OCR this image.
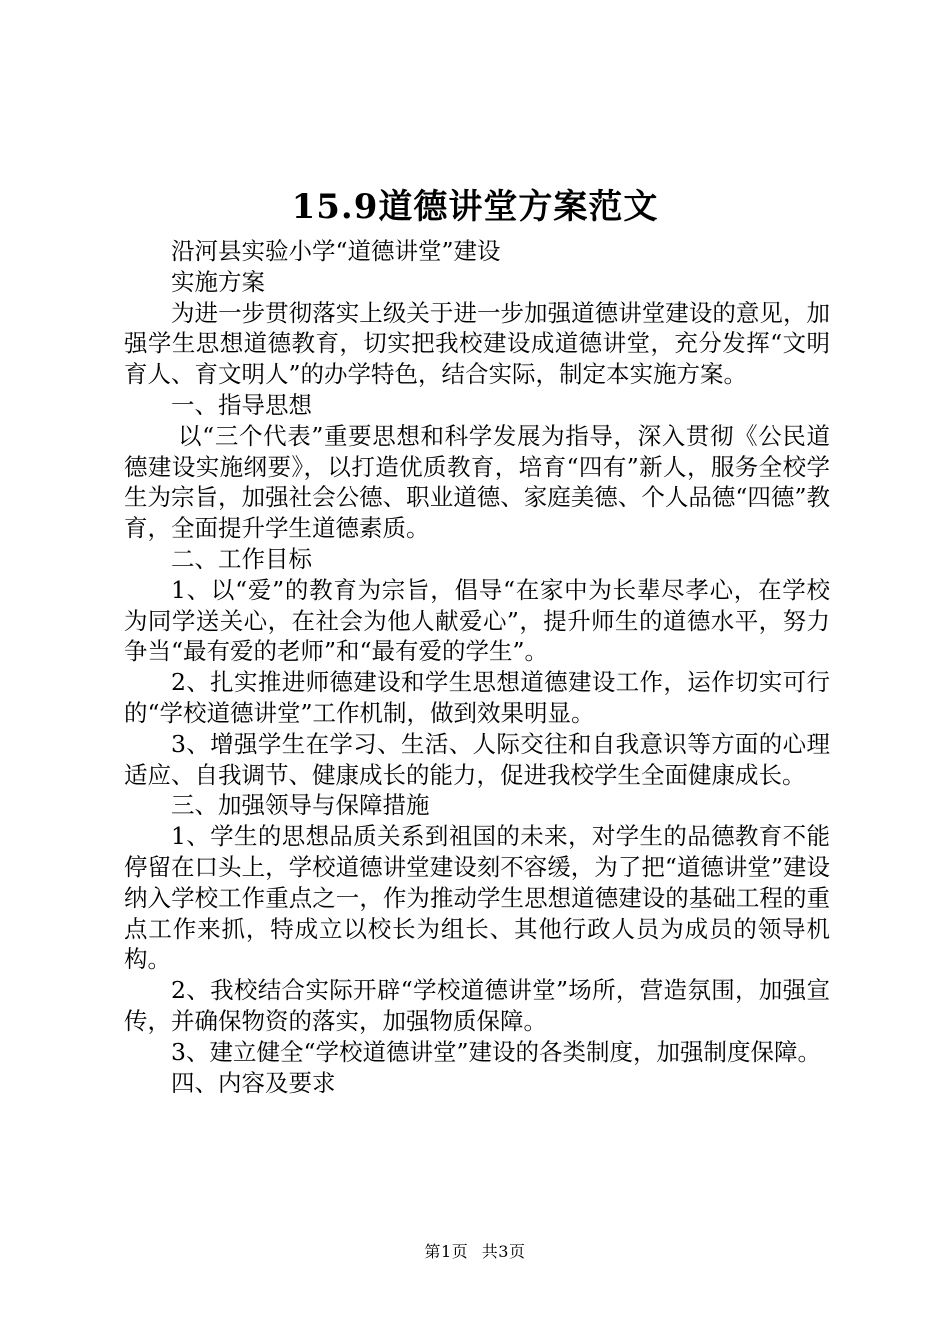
15.9道德讲堂方案范文

沿河县实验小学“道德讲堂”建设

实施方案

为进一步贯彻落实上级关于进一步加强道德讲堂建设的意见，加强学生思想道德教育，切实把我校建设成道德讲堂，充分发挥“文明育人、育文明人”的办学特色，结合实际，制定本实施方案。

一、指导思想

以“三个代表”重要思想和科学发展为指导，深入贯彻《公民道德建设实施纲要》，以打造优质教育，培育“四有”新人，服务全校学生为宗旨，加强社会公德、职业道德、家庭美德、个人品德“四德”教育，全面提升学生道德素质。

二、工作目标

1、以“爱”的教育为宗旨，倡导“在家中为长辈尽孝心，在学校为同学送关心，在社会为他人献爱心”，提升师生的道德水平，努力争当“最有爱的老师”和“最有爱的学生”。

2、扎实推进师德建设和学生思想道德建设工作，运作切实可行的“学校道德讲堂”工作机制，做到效果明显。

3、增强学生在学习、生活、人际交往和自我意识等方面的心理适应、自我调节、健康成长的能力，促进我校学生全面健康成长。

三、加强领导与保障措施

1、学生的思想品质关系到祖国的未来，对学生的品德教育不能停留在口头上，学校道德讲堂建设刻不容缓，为了把“道德讲堂”建设纳入学校工作重点之一，作为推动学生思想道德建设的基础工程的重点工作来抓，特成立以校长为组长、其他行政人员为成员的领导机构。

2、我校结合实际开辟“学校道德讲堂”场所，营造氛围，加强宣传，并确保物资的落实，加强物质保障。

3、建立健全“学校道德讲堂”建设的各类制度，加强制度保障。

四、内容及要求

第1页 共3页
